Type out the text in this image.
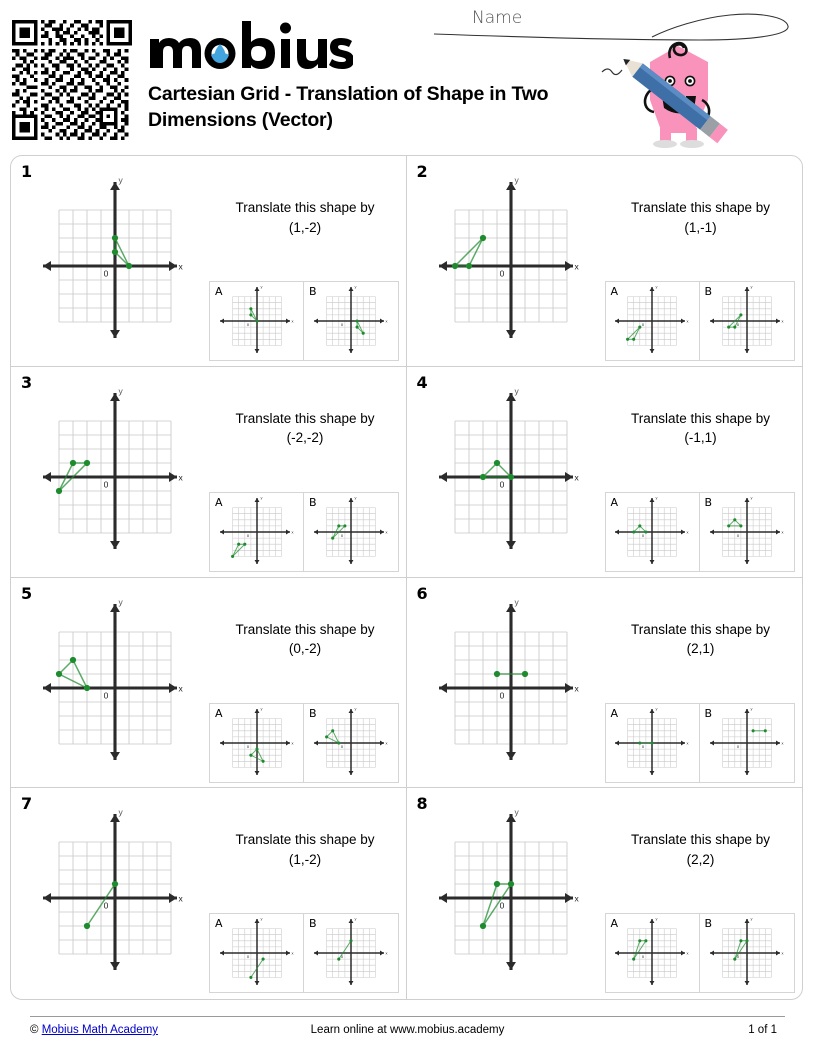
Cartesian Grid - Translation of Shape in Two Dimensions (Vector)
Name
1	y
x
0
Translate this shape by
(1,-2)
A	y
x
0
B	y
x
0
2	y
x
0
Translate this shape by
(1,-1)
A	y
x
0
B	y
x
0
3	y
x
0
Translate this shape by
(-2,-2)
A	y
x
0
B	y
x
0
4	y
x
0
Translate this shape by
(-1,1)
A	y
x
0
B	y
x
0
5	y
x
0
Translate this shape by
(0,-2)
A	y
x
0
B	y
x
0
6	y
x
0
Translate this shape by
(2,1)
A	y
x
0
B	y
x
0
7	y
x
0
Translate this shape by
(1,-2)
A	y
x
0
B	y
x
0
8	y
x
0
Translate this shape by
(2,2)
A	y
x
0
B	y
x
0
© Mobius Math Academy	Learn online at www.mobius.academy	1 of 1
